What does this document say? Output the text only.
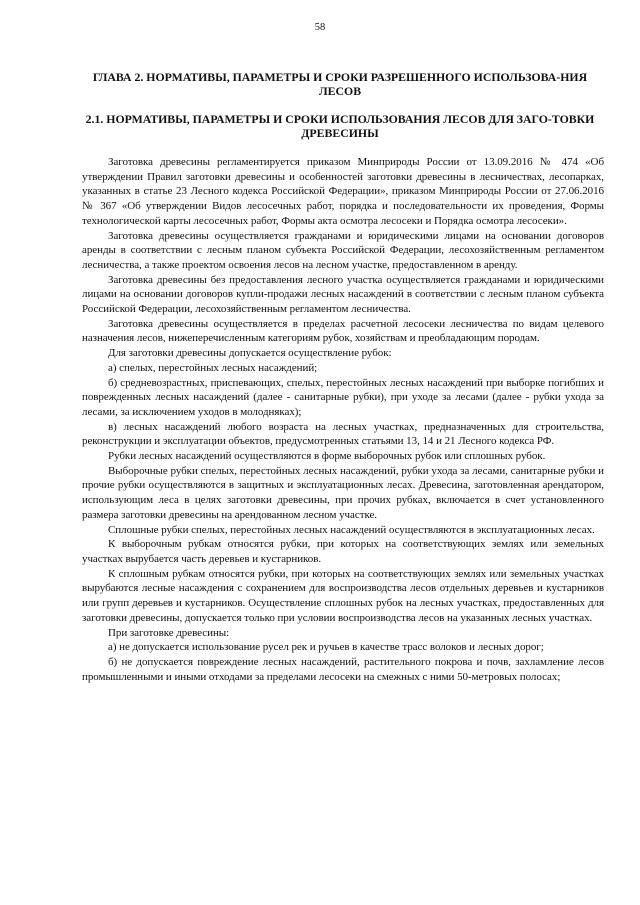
58
ГЛАВА 2. НОРМАТИВЫ, ПАРАМЕТРЫ И СРОКИ РАЗРЕШЕННОГО ИСПОЛЬЗОВА-НИЯ ЛЕСОВ
2.1. НОРМАТИВЫ, ПАРАМЕТРЫ И СРОКИ ИСПОЛЬЗОВАНИЯ ЛЕСОВ ДЛЯ ЗАГО-ТОВКИ ДРЕВЕСИНЫ

Заготовка древесины регламентируется приказом Минприроды России от 13.09.2016 № 474 «Об утверждении Правил заготовки древесины и особенностей заготовки древесины в лесничествах, лесопарках, указанных в статье 23 Лесного кодекса Российской Федерации», приказом Минприроды России от 27.06.2016 № 367 «Об утверждении Видов лесосечных работ, порядка и последовательности их проведения, Формы технологической карты лесосечных работ, Формы акта осмотра лесосеки и Порядка осмотра лесосеки».

Заготовка древесины осуществляется гражданами и юридическими лицами на основании договоров аренды в соответствии с лесным планом субъекта Российской Федерации, лесохозяйственным регламентом лесничества, а также проектом освоения лесов на лесном участке, предоставленном в аренду.

Заготовка древесины без предоставления лесного участка осуществляется гражданами и юридическими лицами на основании договоров купли-продажи лесных насаждений в соответствии с лесным планом субъекта Российской Федерации, лесохозяйственным регламентом лесничества.

Заготовка древесины осуществляется в пределах расчетной лесосеки лесничества по видам целевого назначения лесов, нижеперечисленным категориям рубок, хозяйствам и преобладающим породам.

Для заготовки древесины допускается осуществление рубок:

а) спелых, перестойных лесных насаждений;

б) средневозрастных, приспевающих, спелых, перестойных лесных насаждений при выборке погибших и поврежденных лесных насаждений (далее - санитарные рубки), при уходе за лесами (далее - рубки ухода за лесами, за исключением уходов в молодняках);

в) лесных насаждений любого возраста на лесных участках, предназначенных для строительства, реконструкции и эксплуатации объектов, предусмотренных статьями 13, 14 и 21 Лесного кодекса РФ.

Рубки лесных насаждений осуществляются в форме выборочных рубок или сплошных рубок.

Выборочные рубки спелых, перестойных лесных насаждений, рубки ухода за лесами, санитарные рубки и прочие рубки осуществляются в защитных и эксплуатационных лесах. Древесина, заготовленная арендатором, использующим леса в целях заготовки древесины, при прочих рубках, включается в счет установленного размера заготовки древесины на арендованном лесном участке.

Сплошные рубки спелых, перестойных лесных насаждений осуществляются в эксплуатационных лесах.

К выборочным рубкам относятся рубки, при которых на соответствующих землях или земельных участках вырубается часть деревьев и кустарников.

К сплошным рубкам относятся рубки, при которых на соответствующих землях или земельных участках вырубаются лесные насаждения с сохранением для воспроизводства лесов отдельных деревьев и кустарников или групп деревьев и кустарников. Осуществление сплошных рубок на лесных участках, предоставленных для заготовки древесины, допускается только при условии воспроизводства лесов на указанных лесных участках.

При заготовке древесины:

а) не допускается использование русел рек и ручьев в качестве трасс волоков и лесных дорог;

б) не допускается повреждение лесных насаждений, растительного покрова и почв, захламление лесов промышленными и иными отходами за пределами лесосеки на смежных с ними 50-метровых полосах;
